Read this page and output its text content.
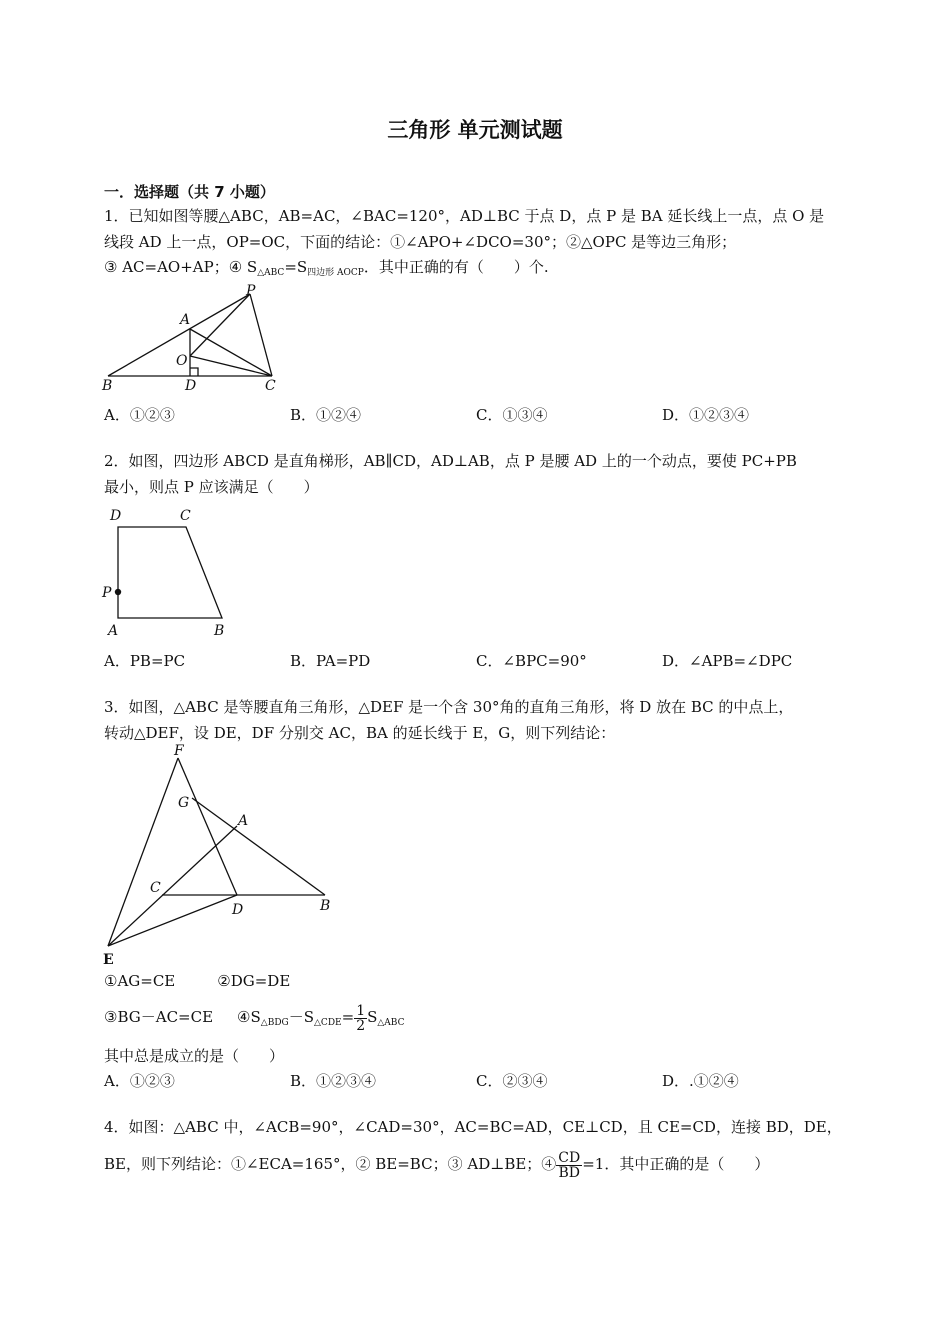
三角形 单元测试题
一．选择题（共 7 小题）
1．已知如图等腰△ABC，AB=AC，∠BAC=120°，AD⊥BC 于点 D，点 P 是 BA 延长线上一点，点 O 是
线段 AD 上一点，OP=OC，下面的结论：①∠APO+∠DCO=30°；②△OPC 是等边三角形；
③ AC=AO+AP；④ $S_{\triangle ABC}=S_{四边形 AOCP}$．其中正确的有（　　）个.
P
A
O
B	D	C
A．①②③	B．①②④	C．①③④	D．①②③④
2．如图，四边形 ABCD 是直角梯形，AB∥CD，AD⊥AB，点 P 是腰 AD 上的一个动点，要使 PC+PB
最小，则点 P 应该满足（　　）
D	C
P
A	B
A．PB=PC	B．PA=PD	C．∠BPC=90°	D．∠APB=∠DPC
3．如图，△ABC 是等腰直角三角形，△DEF 是一个含 30°角的直角三角形，将 D 放在 BC 的中点上，
转动△DEF，设 DE，DF 分别交 AC，BA 的延长线于 E，G，则下列结论：
F
G
A
C
D	B
E
①AG=CE	②DG=DE
③BG－AC=CE $④S_{\triangle BDG}-S_{\triangle CDE}= \frac{1}{2} S_{\triangle ABC}$
其中总是成立的是（　　）
A．①②③	B．①②③④	C．②③④	D．.①②④
4．如图：△ABC 中，∠ACB=90°，∠CAD=30°，AC=BC=AD，CE⊥CD，且 CE=CD，连接 BD，DE，
BE，则下列结论：①∠ECA=165°，② BE=BC；③ AD⊥BE；④ $\frac{CD}{BD} =1$．其中正确的是（　　）
